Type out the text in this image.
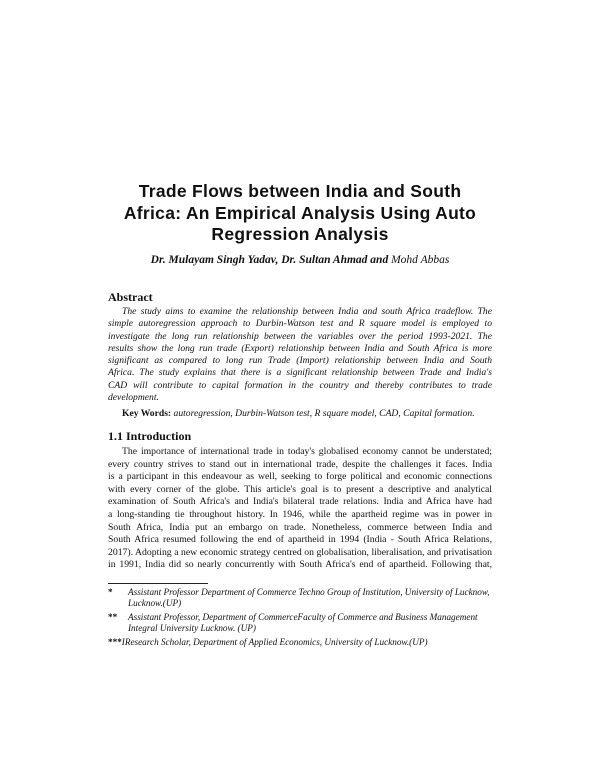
Trade Flows between India and South
Africa: An Empirical Analysis Using Auto
Regression Analysis
Dr. Mulayam Singh Yadav, Dr. Sultan Ahmad and Mohd Abbas
Abstract
The study aims to examine the relationship between India and south Africa tradeflow. The
simple autoregression approach to Durbin-Watson test and R square model is employed to
investigate the long run relationship between the variables over the period 1993-2021. The
results show the long run trade (Export) relationship between India and South Africa is more
significant as compared to long run Trade (Import) relationship between India and South
Africa. The study explains that there is a significant relationship between Trade and India's
CAD will contribute to capital formation in the country and thereby contributes to trade
development.
Key Words: autoregression, Durbin-Watson test, R square model, CAD, Capital formation.
1.1 Introduction
The importance of international trade in today's globalised economy cannot be understated;
every country strives to stand out in international trade, despite the challenges it faces. India
is a participant in this endeavour as well, seeking to forge political and economic connections
with every corner of the globe. This article's goal is to present a descriptive and analytical
examination of South Africa's and India's bilateral trade relations. India and Africa have had
a long-standing tie throughout history. In 1946, while the apartheid regime was in power in
South Africa, India put an embargo on trade. Nonetheless, commerce between India and
South Africa resumed following the end of apartheid in 1994 (India - South Africa Relations,
2017). Adopting a new economic strategy centred on globalisation, liberalisation, and privatisation
in 1991, India did so nearly concurrently with South Africa's end of apartheid. Following that,
* Assistant Professor Department of Commerce Techno Group of Institution, University of Lucknow,
Lucknow.(UP)
** Assistant Professor, Department of CommerceFaculty of Commerce and Business Management
Integral University Lucknow. (UP)
***IResearch Scholar, Department of Applied Economics, University of Lucknow.(UP)
